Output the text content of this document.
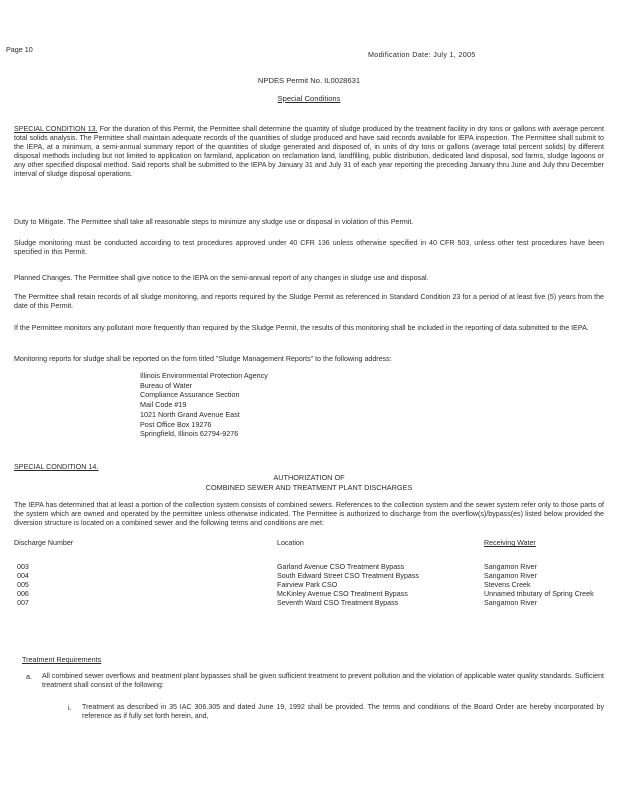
Page 10
Modification Date: July 1, 2005
NPDES Permit No. IL0028631
Special Conditions
SPECIAL CONDITION 13. For the duration of this Permit, the Permittee shall determine the quantity of sludge produced by the treatment facility in dry tons or gallons with average percent total solids analysis. The Permittee shall maintain adequate records of the quantities of sludge produced and have said records available for IEPA inspection. The Permittee shall submit to the IEPA, at a minimum, a semi-annual summary report of the quantities of sludge generated and disposed of, in units of dry tons or gallons (average total percent solids) by different disposal methods including but not limited to application on farmland, application on reclamation land, landfilling, public distribution, dedicated land disposal, sod farms, sludge lagoons or any other specified disposal method. Said reports shall be submitted to the IEPA by January 31 and July 31 of each year reporting the preceding January thru June and July thru December interval of sludge disposal operations.
Duty to Mitigate. The Permittee shall take all reasonable steps to minimize any sludge use or disposal in violation of this Permit.
Sludge monitoring must be conducted according to test procedures approved under 40 CFR 136 unless otherwise specified in 40 CFR 503, unless other test procedures have been specified in this Permit.
Planned Changes. The Permittee shall give notice to the IEPA on the semi-annual report of any changes in sludge use and disposal.
The Permittee shall retain records of all sludge monitoring, and reports required by the Sludge Permit as referenced in Standard Condition 23 for a period of at least five (5) years from the date of this Permit.
If the Permittee monitors any pollutant more frequently than required by the Sludge Permit, the results of this monitoring shall be included in the reporting of data submitted to the IEPA.
Monitoring reports for sludge shall be reported on the form titled "Sludge Management Reports" to the following address:
Illinois Environmental Protection Agency
Bureau of Water
Compliance Assurance Section
Mail Code #19
1021 North Grand Avenue East
Post Office Box 19276
Springfield, Illinois 62794-9276
SPECIAL CONDITION 14.
AUTHORIZATION OF
COMBINED SEWER AND TREATMENT PLANT DISCHARGES
The IEPA has determined that at least a portion of the collection system consists of combined sewers. References to the collection system and the sewer system refer only to those parts of the system which are owned and operated by the permittee unless otherwise indicated. The Permittee is authorized to discharge from the overflow(s)/bypass(es) listed below provided the diversion structure is located on a combined sewer and the following terms and conditions are met:
Discharge Number	Location	Receiving Water
003	Garland Avenue CSO Treatment Bypass	Sangamon River
004	South Edward Street CSO Treatment Bypass	Sangamon River
005	Fairview Park CSO	Stevens Creek
006	McKinley Avenue CSO Treatment Bypass	Unnamed tributary of Spring Creek
007	Seventh Ward CSO Treatment Bypass	Sangamon River
Treatment Requirements
a. All combined sewer overflows and treatment plant bypasses shall be given sufficient treatment to prevent pollution and the violation of applicable water quality standards. Sufficient treatment shall consist of the following:
i. Treatment as described in 35 IAC 306.305 and dated June 19, 1992 shall be provided. The terms and conditions of the Board Order are hereby incorporated by reference as if fully set forth herein, and,
